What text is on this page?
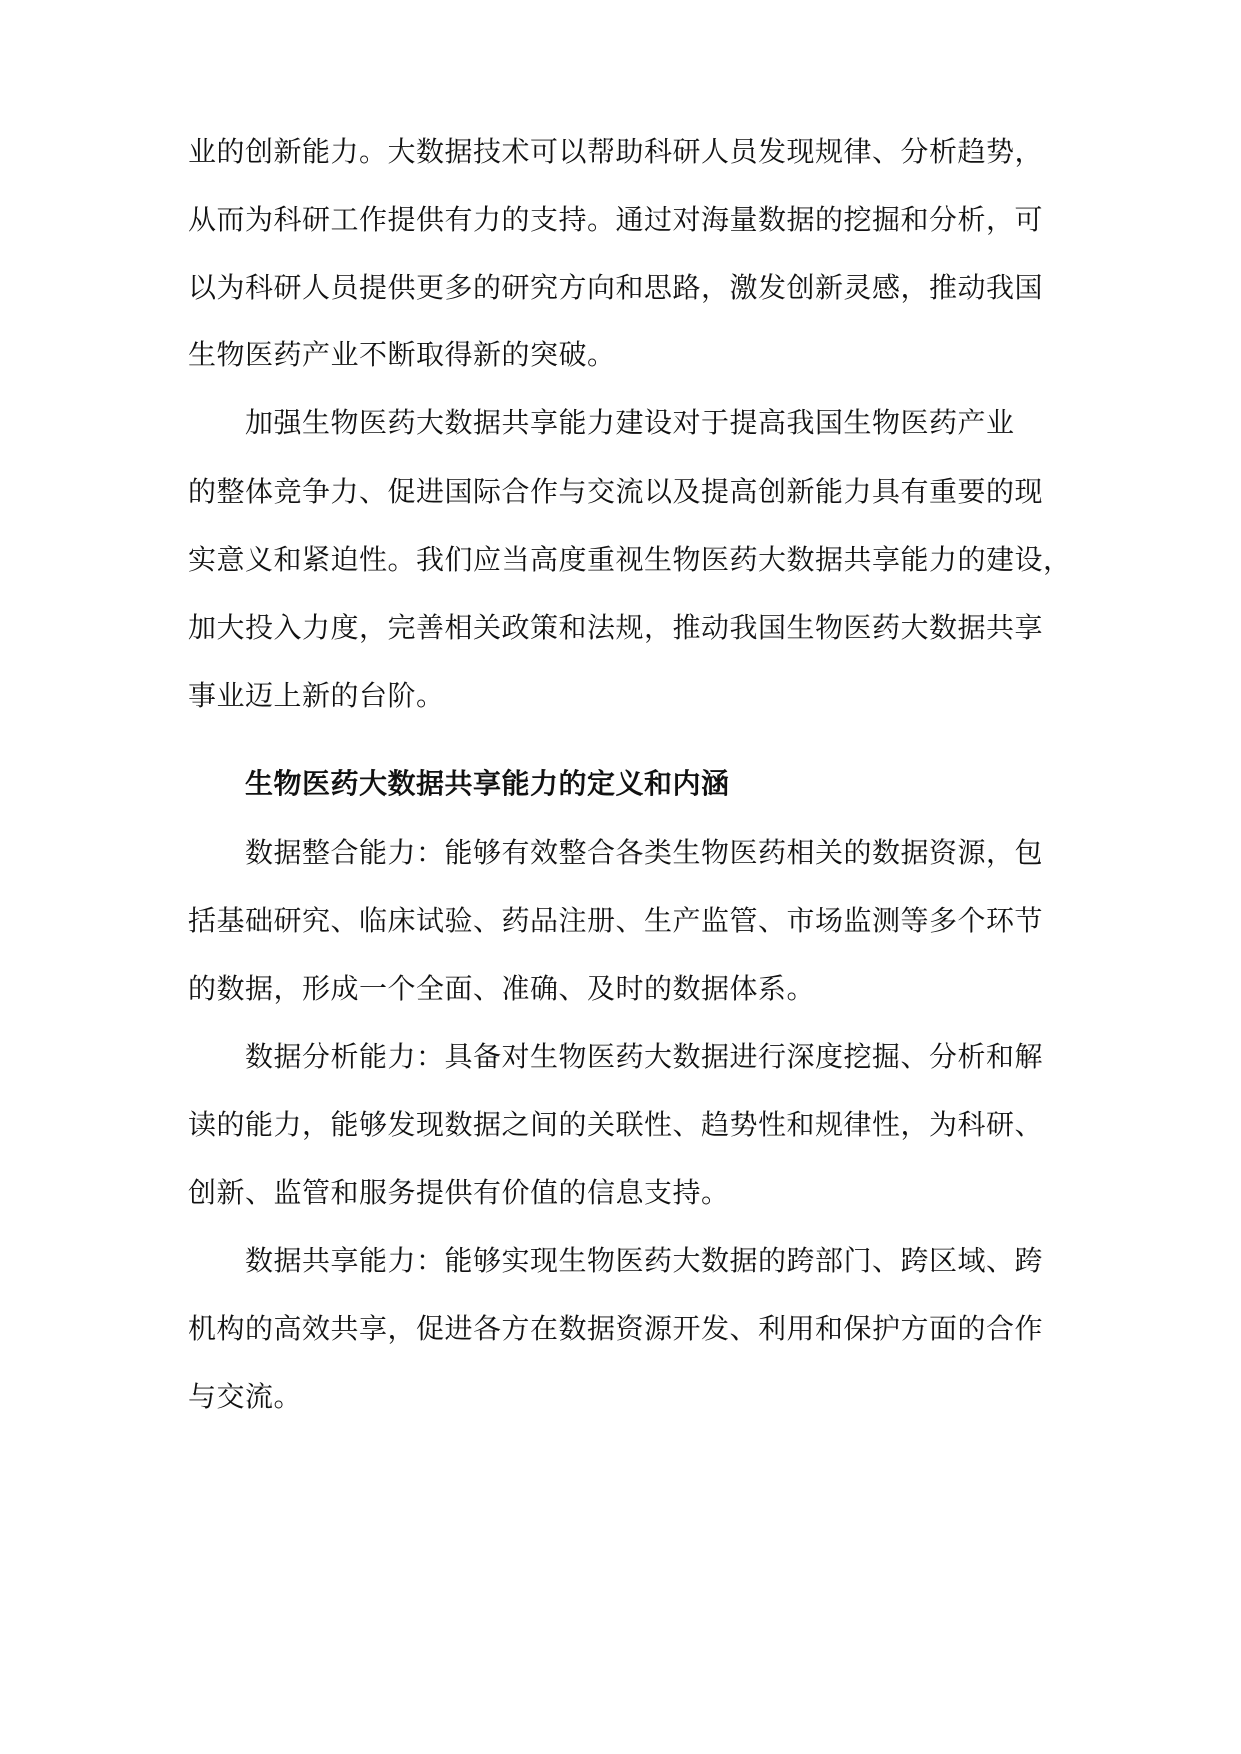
业的创新能力。大数据技术可以帮助科研人员发现规律、分析趋势，

从而为科研工作提供有力的支持。通过对海量数据的挖掘和分析，可

以为科研人员提供更多的研究方向和思路，激发创新灵感，推动我国

生物医药产业不断取得新的突破。

加强生物医药大数据共享能力建设对于提高我国生物医药产业

的整体竞争力、促进国际合作与交流以及提高创新能力具有重要的现

实意义和紧迫性。我们应当高度重视生物医药大数据共享能力的建设，

加大投入力度，完善相关政策和法规，推动我国生物医药大数据共享

事业迈上新的台阶。

生物医药大数据共享能力的定义和内涵

数据整合能力：能够有效整合各类生物医药相关的数据资源，包

括基础研究、临床试验、药品注册、生产监管、市场监测等多个环节

的数据，形成一个全面、准确、及时的数据体系。

数据分析能力：具备对生物医药大数据进行深度挖掘、分析和解

读的能力，能够发现数据之间的关联性、趋势性和规律性，为科研、

创新、监管和服务提供有价值的信息支持。

数据共享能力：能够实现生物医药大数据的跨部门、跨区域、跨

机构的高效共享，促进各方在数据资源开发、利用和保护方面的合作

与交流。
